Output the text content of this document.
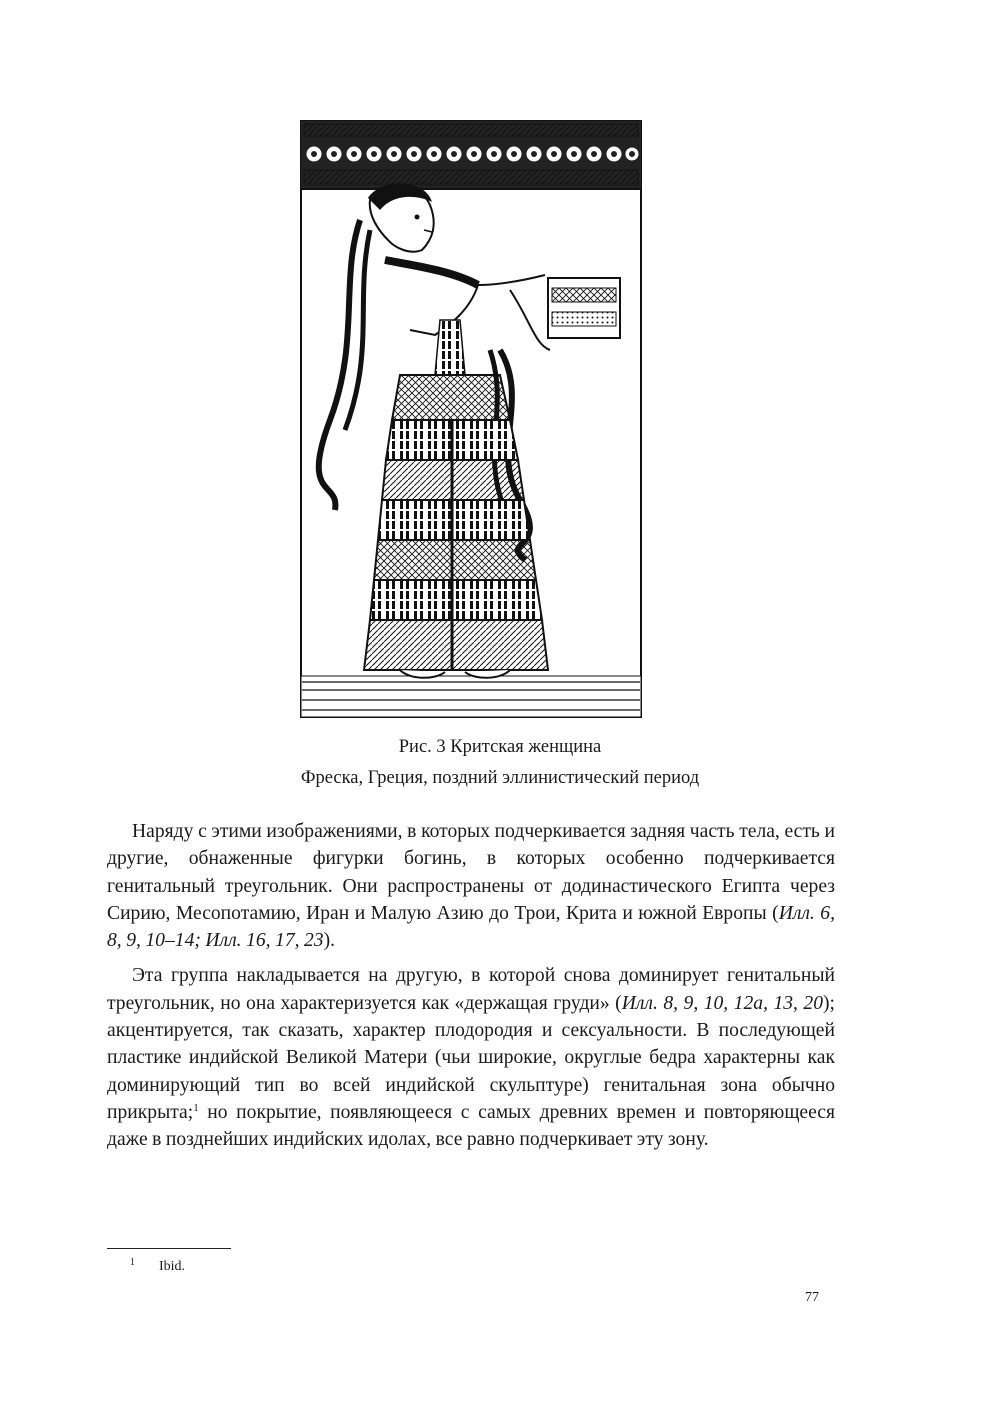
Рис. 3 Критская женщина
Фреска, Греция, поздний эллинистический период

Наряду с этими изображениями, в которых подчеркивается задняя часть тела, есть и другие, обнаженные фигурки богинь, в которых особенно подчеркивается генитальный треугольник. Они распространены от додинастического Египта через Сирию, Месопотамию, Иран и Малую Азию до Трои, Крита и южной Европы (Илл. 6, 8, 9, 10–14; Илл. 16, 17, 23).

Эта группа накладывается на другую, в которой снова доминирует генитальный треугольник, но она характеризуется как «держащая груди» (Илл. 8, 9, 10, 12a, 13, 20); акцентируется, так сказать, характер плодородия и сексуальности. В последующей пластике индийской Великой Матери (чьи широкие, округлые бедра характерны как доминирующий тип во всей индийской скульптуре) генитальная зона обычно прикрыта;$^1$ но покрытие, появляющееся с самых древних времен и повторяющееся даже в позднейших индийских идолах, все равно подчеркивает эту зону.

$^1$ Ibid.
77
